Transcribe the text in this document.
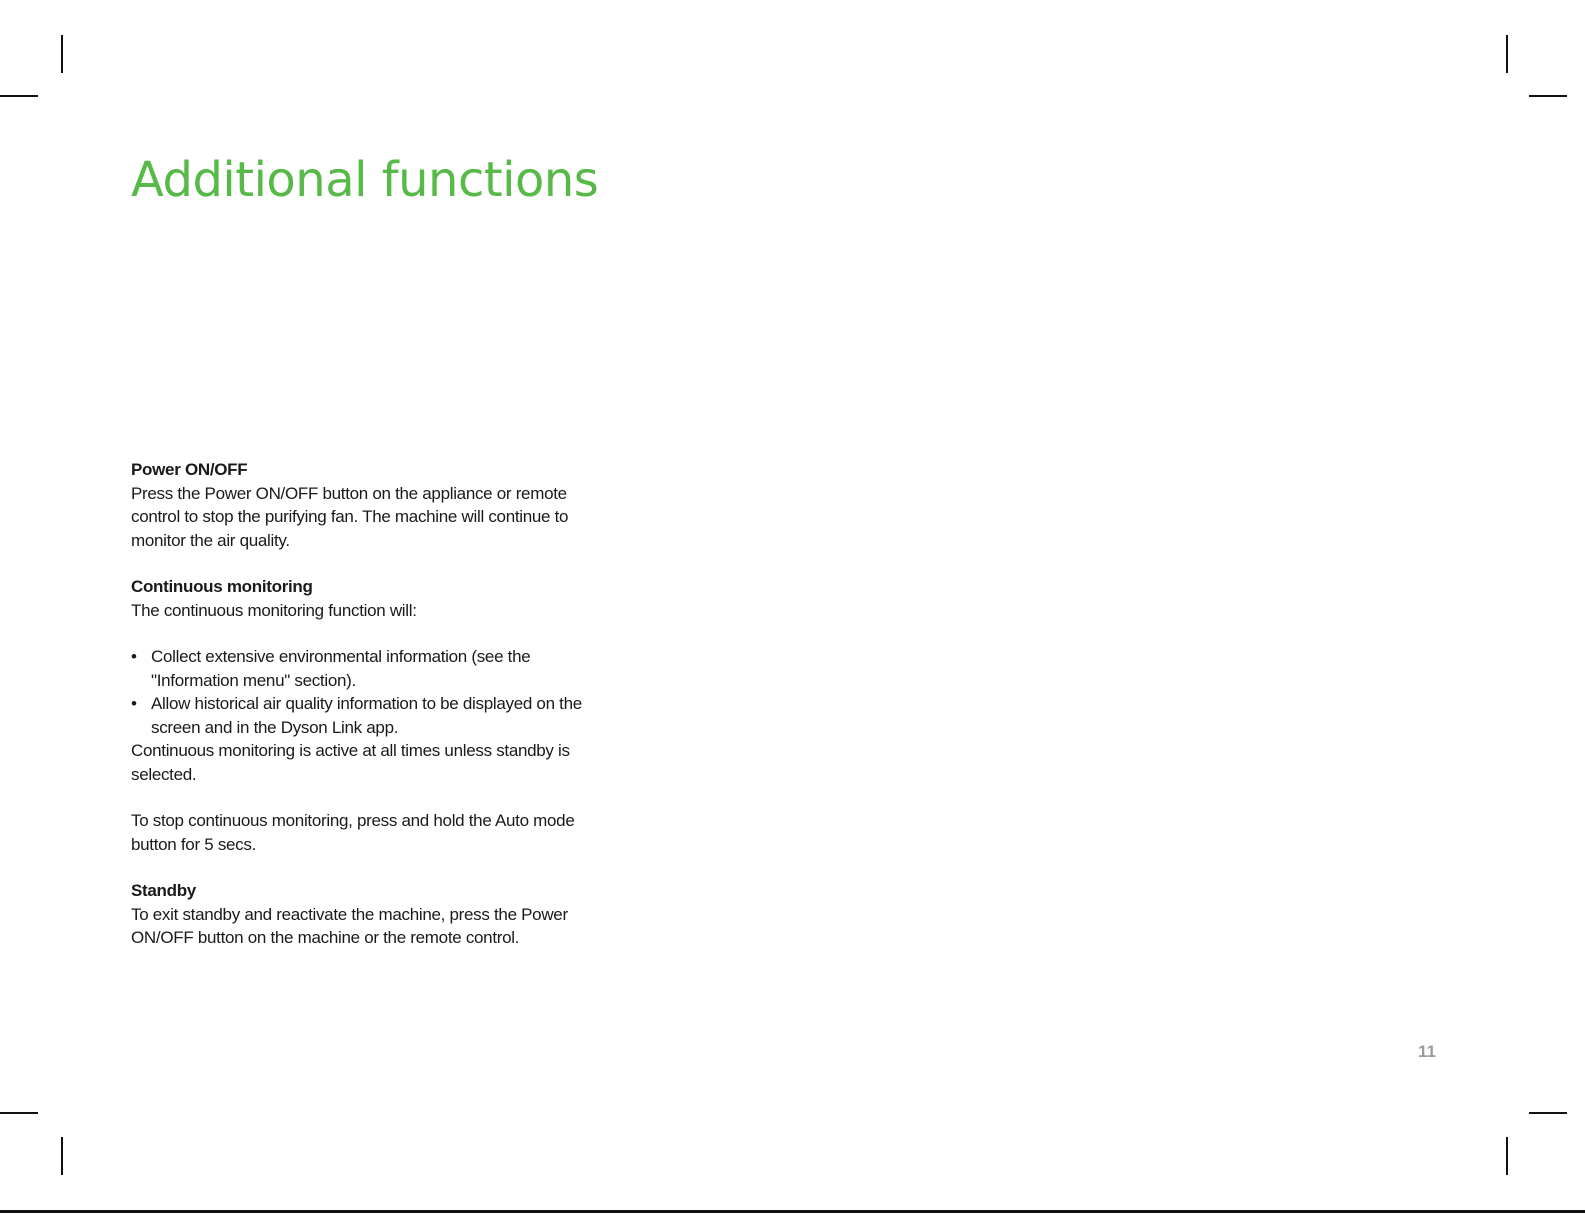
Additional functions
Power ON/OFF

Press the Power ON/OFF button on the appliance or remote control to stop the purifying fan. The machine will continue to monitor the air quality.

Continuous monitoring

The continuous monitoring function will:

• Collect extensive environmental information (see the "Information menu" section).
• Allow historical air quality information to be displayed on the screen and in the Dyson Link app.

Continuous monitoring is active at all times unless standby is selected.

To stop continuous monitoring, press and hold the Auto mode button for 5 secs.

Standby

To exit standby and reactivate the machine, press the Power ON/OFF button on the machine or the remote control.

11
